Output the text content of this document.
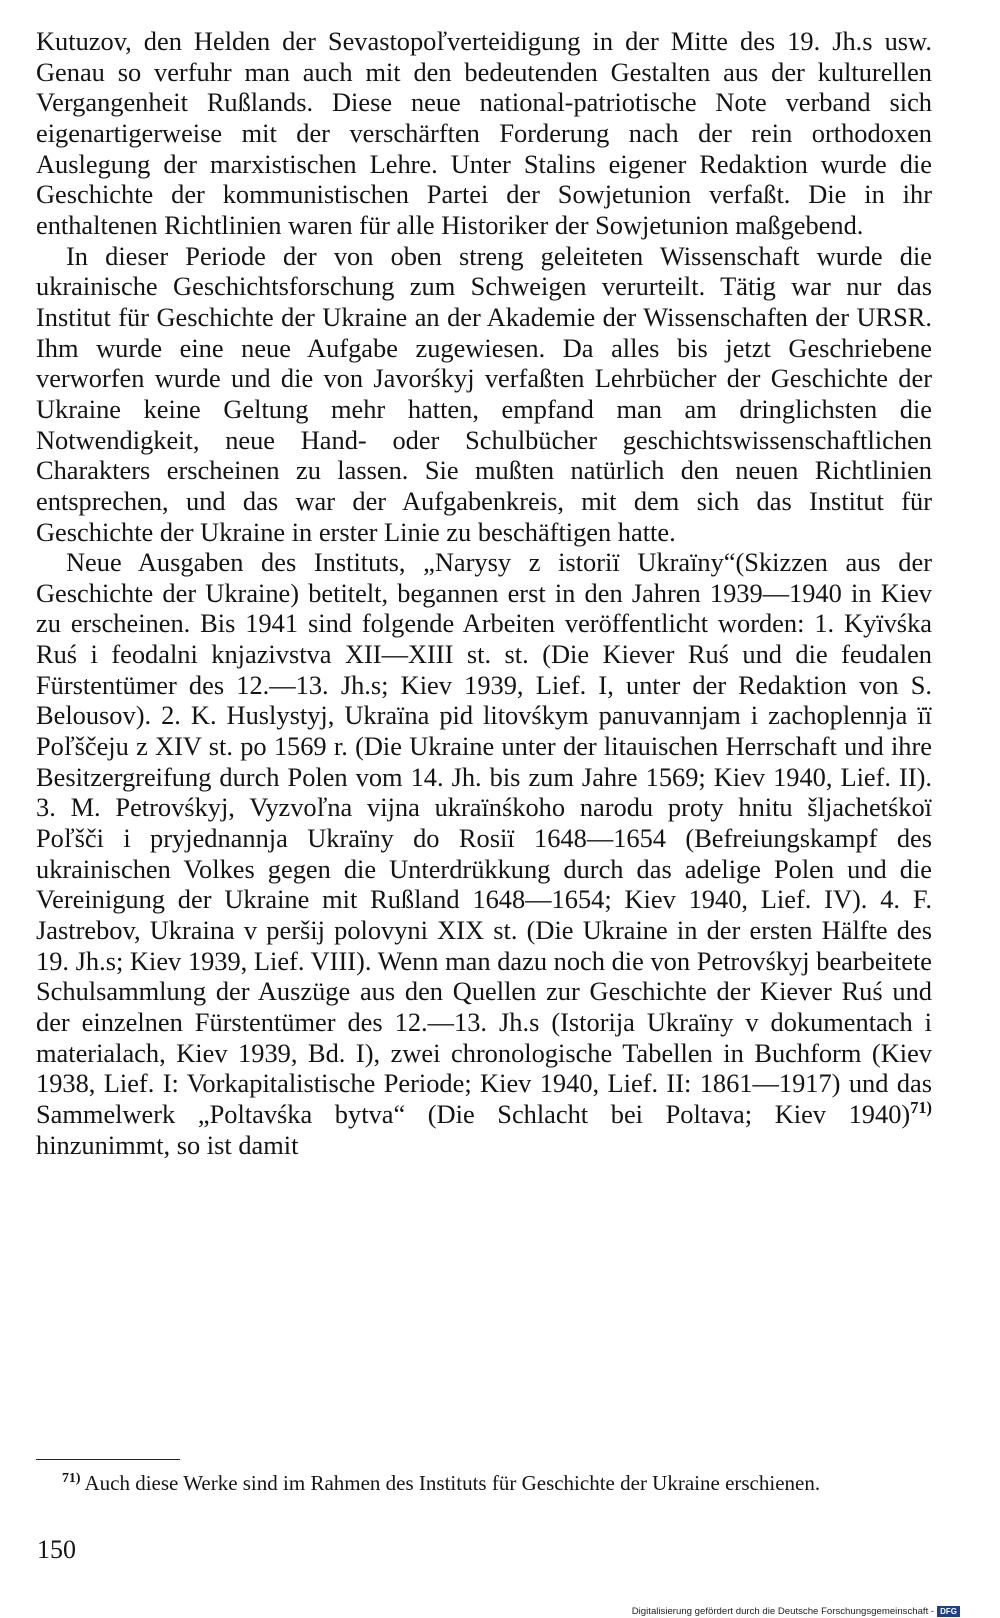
Kutuzov, den Helden der Sevastopoľverteidigung in der Mitte des 19. Jh.s usw. Genau so verfuhr man auch mit den bedeutenden Gestalten aus der kulturellen Vergangenheit Rußlands. Diese neue national-patriotische Note verband sich eigenartigerweise mit der verschärften Forderung nach der rein orthodoxen Auslegung der marxistischen Lehre. Unter Stalins eigener Redaktion wurde die Geschichte der kommunistischen Partei der Sowjetunion verfaßt. Die in ihr enthaltenen Richtlinien waren für alle Historiker der Sowjetunion maßgebend.

In dieser Periode der von oben streng geleiteten Wissenschaft wurde die ukrainische Geschichtsforschung zum Schweigen verurteilt. Tätig war nur das Institut für Geschichte der Ukraine an der Akademie der Wissenschaften der URSR. Ihm wurde eine neue Aufgabe zugewiesen. Da alles bis jetzt Geschriebene verworfen wurde und die von Javorśkyj verfaßten Lehrbücher der Geschichte der Ukraine keine Geltung mehr hatten, empfand man am dringlichsten die Notwendigkeit, neue Hand- oder Schulbücher geschichtswissenschaftlichen Charakters erscheinen zu lassen. Sie mußten natürlich den neuen Richtlinien entsprechen, und das war der Aufgabenkreis, mit dem sich das Institut für Geschichte der Ukraine in erster Linie zu beschäftigen hatte.

Neue Ausgaben des Instituts, „Narysy z istoriï Ukraïny“(Skizzen aus der Geschichte der Ukraine) betitelt, begannen erst in den Jahren 1939—1940 in Kiev zu erscheinen. Bis 1941 sind folgende Arbeiten veröffentlicht worden: 1. Kyïvśka Ruś i feodalni knjazivstva XII—XIII st. st. (Die Kiever Ruś und die feudalen Fürstentümer des 12.—13. Jh.s; Kiev 1939, Lief. I, unter der Redaktion von S. Belousov). 2. K. Huslystyj, Ukraïna pid litovśkym panuvannjam i zachoplennja ïï Poľščeju z XIV st. po 1569 r. (Die Ukraine unter der litauischen Herrschaft und ihre Besitzergreifung durch Polen vom 14. Jh. bis zum Jahre 1569; Kiev 1940, Lief. II). 3. M. Petrovśkyj, Vyzvoľna vijna ukraïnśkoho narodu proty hnitu šljachetśkoï Poľšči i pryjednannja Ukraïny do Rosiï 1648—1654 (Befreiungskampf des ukrainischen Volkes gegen die Unterdrükkung durch das adelige Polen und die Vereinigung der Ukraine mit Rußland 1648—1654; Kiev 1940, Lief. IV). 4. F. Jastrebov, Ukraina v peršij polovyni XIX st. (Die Ukraine in der ersten Hälfte des 19. Jh.s; Kiev 1939, Lief. VIII). Wenn man dazu noch die von Petrovśkyj bearbeitete Schulsammlung der Auszüge aus den Quellen zur Geschichte der Kiever Ruś und der einzelnen Fürstentümer des 12.—13. Jh.s (Istorija Ukraïny v dokumentach i materialach, Kiev 1939, Bd. I), zwei chronologische Tabellen in Buchform (Kiev 1938, Lief. I: Vorkapitalistische Periode; Kiev 1940, Lief. II: 1861—1917) und das Sammelwerk „Poltavśka bytva“ (Die Schlacht bei Poltava; Kiev 1940)$^{71)}$ hinzunimmt, so ist damit

$^{71)}$ Auch diese Werke sind im Rahmen des Instituts für Geschichte der Ukraine erschienen.

150

Digitalisierung gefördert durch die Deutsche Forschungsgemeinschaft - DFG
